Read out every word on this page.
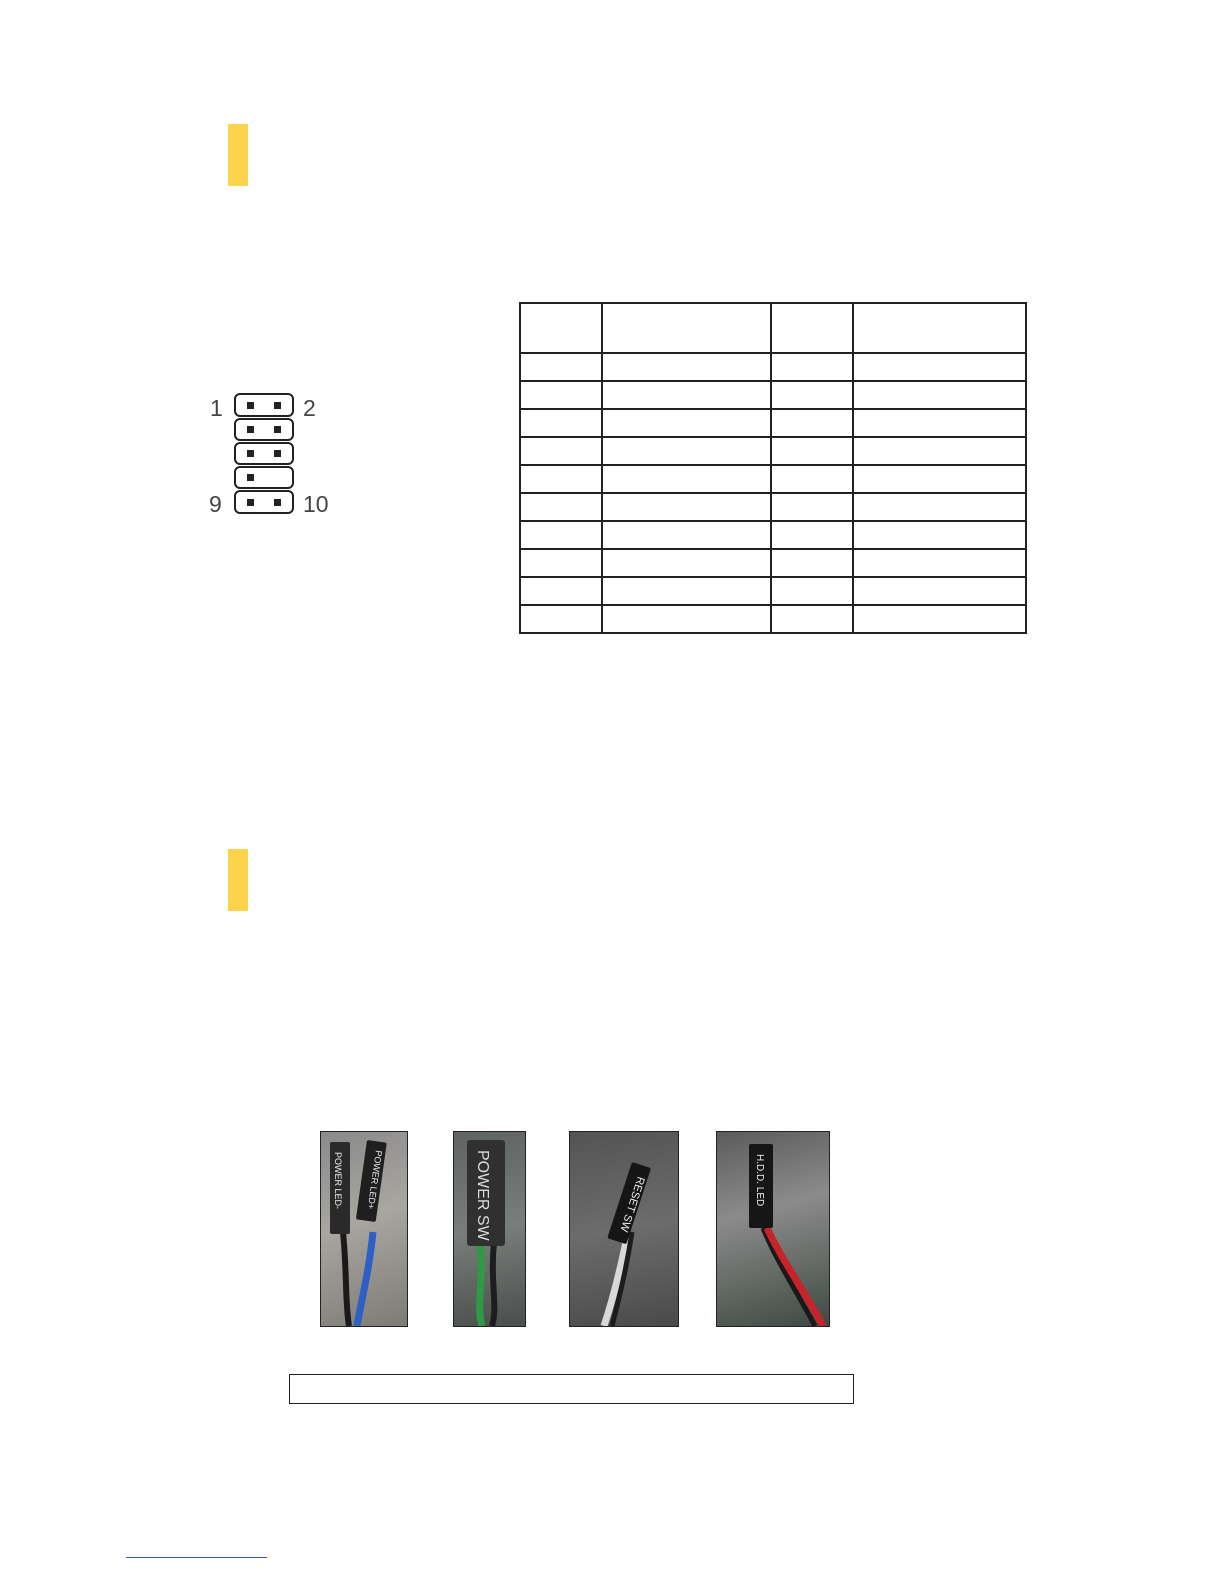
1	2
9	10

POWER LED-	POWER LED+	POWER SW	RESET SW	H.D.D. LED
